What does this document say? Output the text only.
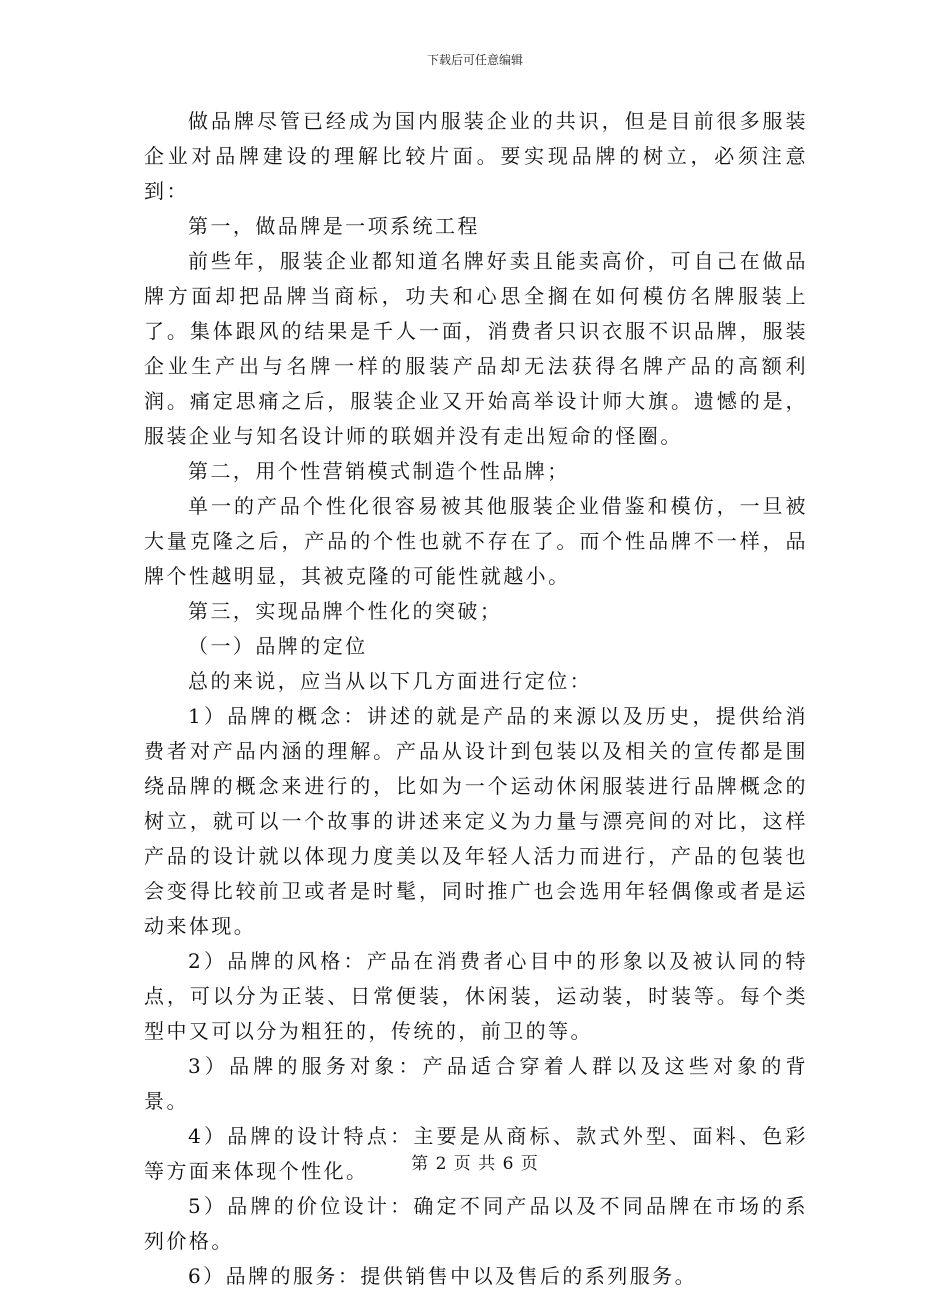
下载后可任意编辑

做品牌尽管已经成为国内服装企业的共识，但是目前很多服装企业对品牌建设的理解比较片面。要实现品牌的树立，必须注意到：

第一，做品牌是一项系统工程

前些年，服装企业都知道名牌好卖且能卖高价，可自己在做品牌方面却把品牌当商标，功夫和心思全搁在如何模仿名牌服装上了。集体跟风的结果是千人一面，消费者只识衣服不识品牌，服装企业生产出与名牌一样的服装产品却无法获得名牌产品的高额利润。痛定思痛之后，服装企业又开始高举设计师大旗。遗憾的是，服装企业与知名设计师的联姻并没有走出短命的怪圈。

第二，用个性营销模式制造个性品牌；

单一的产品个性化很容易被其他服装企业借鉴和模仿，一旦被大量克隆之后，产品的个性也就不存在了。而个性品牌不一样，品牌个性越明显，其被克隆的可能性就越小。

第三，实现品牌个性化的突破；

（一）品牌的定位

总的来说，应当从以下几方面进行定位：

1）品牌的概念：讲述的就是产品的来源以及历史，提供给消费者对产品内涵的理解。产品从设计到包装以及相关的宣传都是围绕品牌的概念来进行的，比如为一个运动休闲服装进行品牌概念的树立，就可以一个故事的讲述来定义为力量与漂亮间的对比，这样产品的设计就以体现力度美以及年轻人活力而进行，产品的包装也会变得比较前卫或者是时髦，同时推广也会选用年轻偶像或者是运动来体现。

2）品牌的风格：产品在消费者心目中的形象以及被认同的特点，可以分为正装、日常便装，休闲装，运动装，时装等。每个类型中又可以分为粗狂的，传统的，前卫的等。

3）品牌的服务对象：产品适合穿着人群以及这些对象的背景。

4）品牌的设计特点：主要是从商标、款式外型、面料、色彩等方面来体现个性化。

5）品牌的价位设计：确定不同产品以及不同品牌在市场的系列价格。

6）品牌的服务：提供销售中以及售后的系列服务。

第 2 页 共 6 页
